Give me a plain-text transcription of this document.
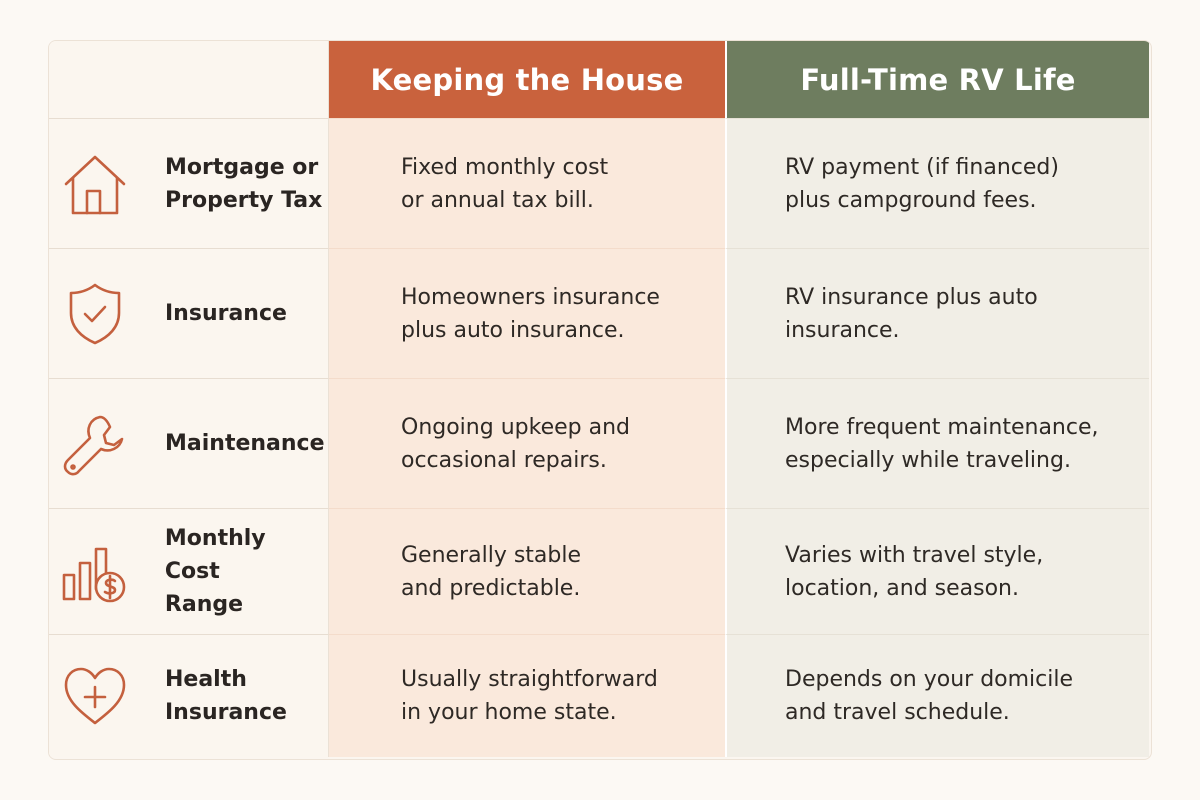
Keeping the House	Full-Time RV Life
Mortgage or
Property Tax
Fixed monthly cost
or annual tax bill.
RV payment (if financed)
plus campground fees.
Insurance
Homeowners insurance
plus auto insurance.
RV insurance plus auto
insurance.
Maintenance
Ongoing upkeep and
occasional repairs.
More frequent maintenance,
especially while traveling.
Monthly Cost
Range
Generally stable
and predictable.
Varies with travel style,
location, and season.
Health
Insurance
Usually straightforward
in your home state.
Depends on your domicile
and travel schedule.
